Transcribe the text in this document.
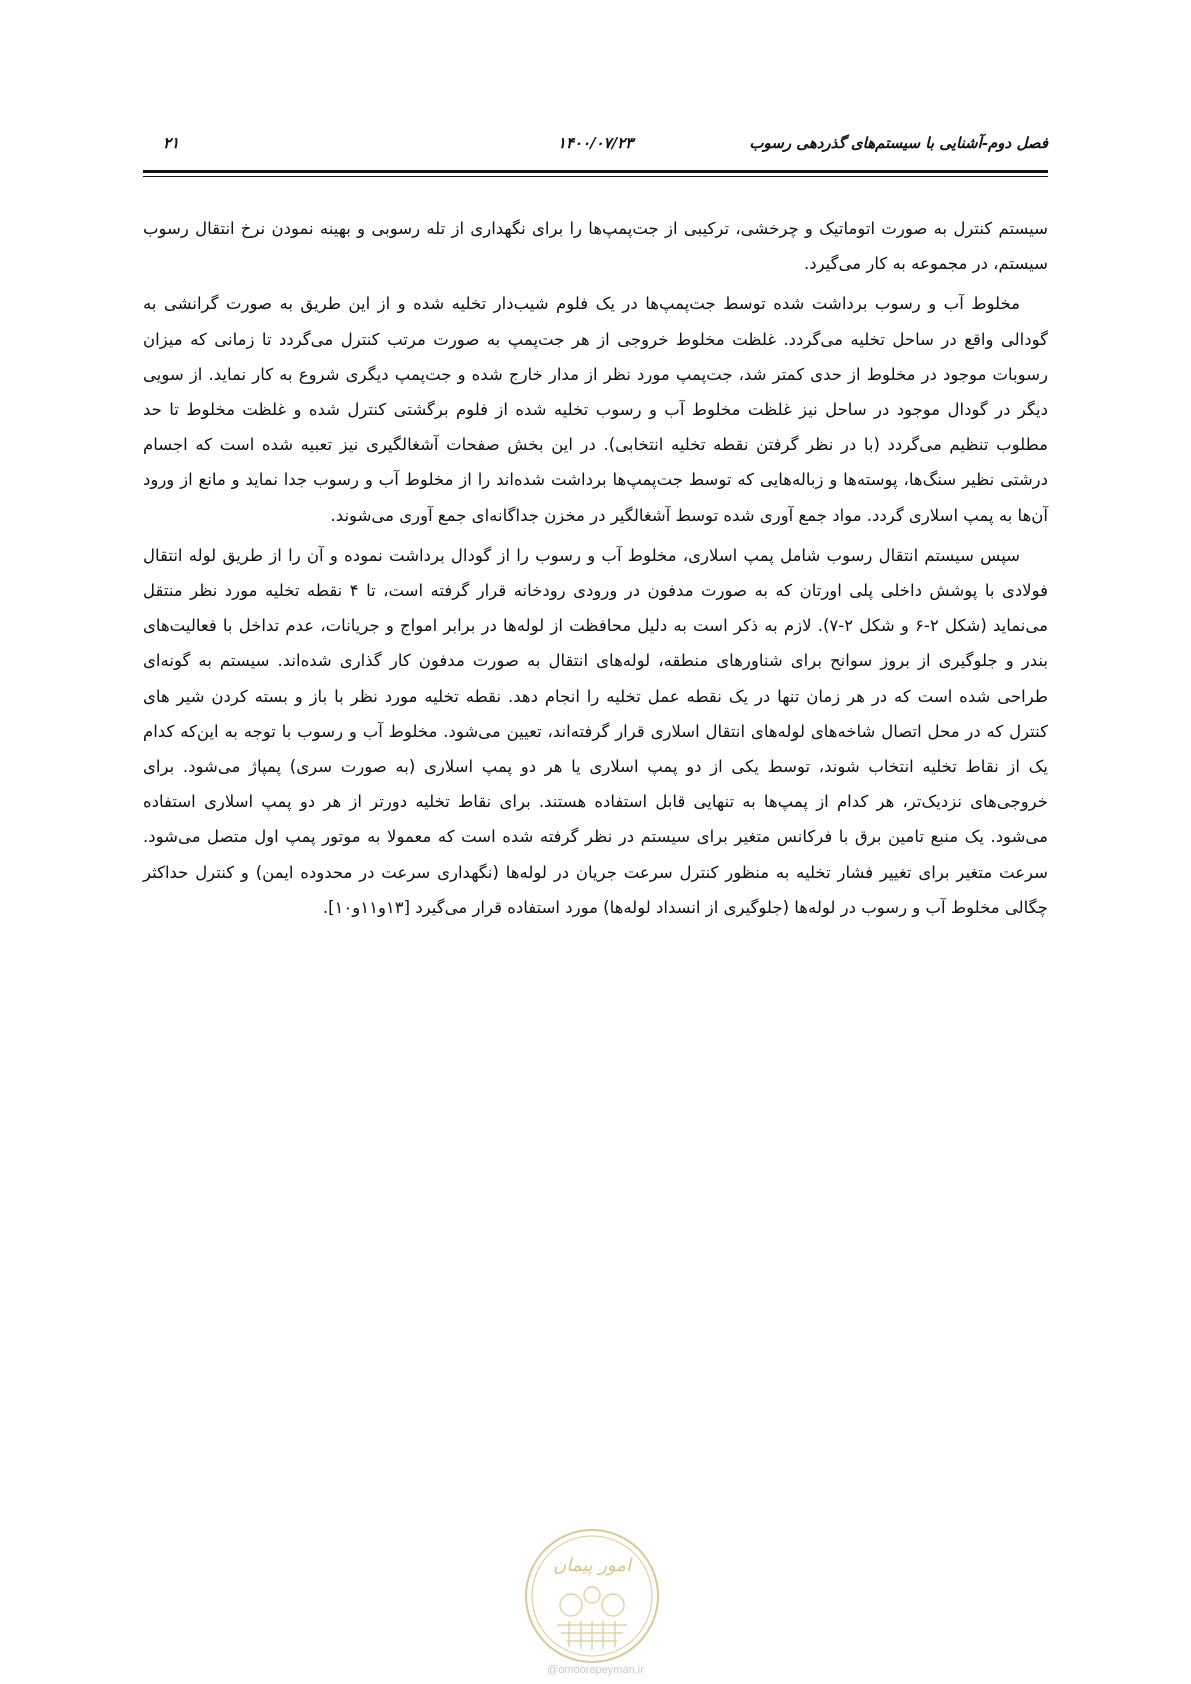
فصل دوم-آشنایی با سیستم‌های گذردهی رسوب
۱۴۰۰/۰۷/۲۳
۲۱

سیستم کنترل به صورت اتوماتیک و چرخشی، ترکیبی از جت‌پمپ‌ها را برای نگهداری از تله رسوبی و بهینه نمودن نرخ انتقال رسوب سیستم، در مجموعه به کار می‌گیرد.

مخلوط آب و رسوب برداشت شده توسط جت‌پمپ‌ها در یک فلوم شیب‌دار تخلیه شده و از این طریق به صورت گرانشی به گودالی واقع در ساحل تخلیه می‌گردد. غلظت مخلوط خروجی از هر جت‌پمپ به صورت مرتب کنترل می‌گردد تا زمانی که میزان رسوبات موجود در مخلوط از حدی کمتر شد، جت‌پمپ مورد نظر از مدار خارج شده و جت‌پمپ دیگری شروع به کار نماید. از سویی دیگر در گودال موجود در ساحل نیز غلظت مخلوط آب و رسوب تخلیه شده از فلوم برگشتی کنترل شده و غلظت مخلوط تا حد مطلوب تنظیم می‌گردد (با در نظر گرفتن نقطه تخلیه انتخابی). در این بخش صفحات آشغالگیری نیز تعبیه شده است که اجسام درشتی نظیر سنگ‌ها، پوسته‌ها و زباله‌هایی که توسط جت‌پمپ‌ها برداشت شده‌اند را از مخلوط آب و رسوب جدا نماید و مانع از ورود آن‌ها به پمپ اسلاری گردد. مواد جمع آوری شده توسط آشغالگیر در مخزن جداگانه‌ای جمع آوری می‌شوند.

سپس سیستم انتقال رسوب شامل پمپ اسلاری، مخلوط آب و رسوب را از گودال برداشت نموده و آن را از طریق لوله انتقال فولادی با پوشش داخلی پلی اورتان که به صورت مدفون در ورودی رودخانه قرار گرفته است، تا ۴ نقطه تخلیه مورد نظر منتقل می‌نماید (شکل ۲-۶ و شکل ۲-۷). لازم به ذکر است به دلیل محافظت از لوله‌ها در برابر امواج و جریانات، عدم تداخل با فعالیت‌های بندر و جلوگیری از بروز سوانح برای شناورهای منطقه، لوله‌های انتقال به صورت مدفون کار گذاری شده‌اند. سیستم به گونه‌ای طراحی شده است که در هر زمان تنها در یک نقطه عمل تخلیه را انجام دهد. نقطه تخلیه مورد نظر با باز و بسته کردن شیر های کنترل که در محل اتصال شاخه‌های لوله‌های انتقال اسلاری قرار گرفته‌اند، تعیین می‌شود. مخلوط آب و رسوب با توجه به این‌که کدام یک از نقاط تخلیه انتخاب شوند، توسط یکی از دو پمپ اسلاری یا هر دو پمپ اسلاری (به صورت سری) پمپاژ می‌شود. برای خروجی‌های نزدیک‌تر، هر کدام از پمپ‌ها به تنهایی قابل استفاده هستند. برای نقاط تخلیه دورتر از هر دو پمپ اسلاری استفاده می‌شود. یک منبع تامین برق با فرکانس متغیر برای سیستم در نظر گرفته شده است که معمولا به موتور پمپ اول متصل می‌شود. سرعت متغیر برای تغییر فشار تخلیه به منظور کنترل سرعت جریان در لوله‌ها (نگهداری سرعت در محدوده ایمن) و کنترل حداکثر چگالی مخلوط آب و رسوب در لوله‌ها (جلوگیری از انسداد لوله‌ها) مورد استفاده قرار می‌گیرد [۱۳و۱۱و۱۰].

امور پیمان
@omoorepeyman.ir
